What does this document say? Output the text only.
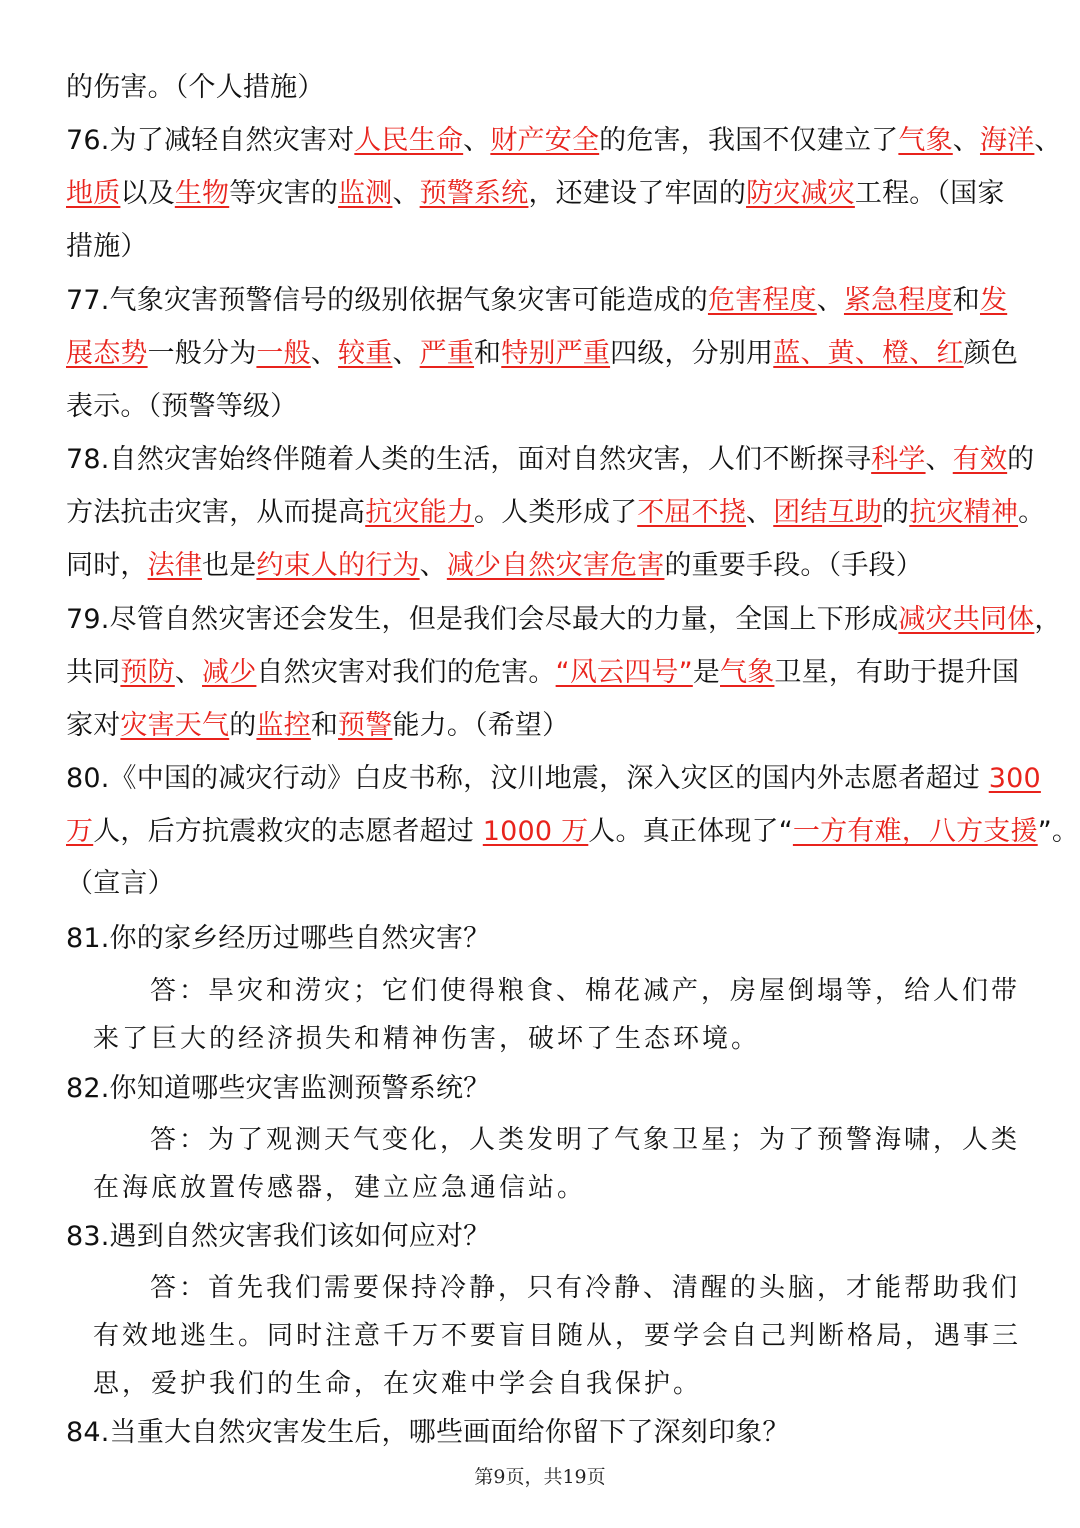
的伤害。（个人措施）
76.为了减轻自然灾害对人民生命、财产安全的危害，我国不仅建立了气象、海洋、
地质以及生物等灾害的监测、预警系统，还建设了牢固的防灾减灾工程。（国家
措施）
77.气象灾害预警信号的级别依据气象灾害可能造成的危害程度、紧急程度和发
展态势一般分为一般、较重、严重和特别严重四级，分别用蓝、黄、橙、红颜色
表示。（预警等级）
78.自然灾害始终伴随着人类的生活，面对自然灾害，人们不断探寻科学、有效的
方法抗击灾害，从而提高抗灾能力。人类形成了不屈不挠、团结互助的抗灾精神。
同时，法律也是约束人的行为、减少自然灾害危害的重要手段。（手段）
79.尽管自然灾害还会发生，但是我们会尽最大的力量，全国上下形成减灾共同体，
共同预防、减少自然灾害对我们的危害。“风云四号”是气象卫星，有助于提升国
家对灾害天气的监控和预警能力。（希望）
80.《中国的减灾行动》白皮书称，汶川地震，深入灾区的国内外志愿者超过 300
万人，后方抗震救灾的志愿者超过 1000 万人。真正体现了“一方有难，八方支援”。
（宣言）
81.你的家乡经历过哪些自然灾害？
答：旱灾和涝灾；它们使得粮食、棉花减产，房屋倒塌等，给人们带
来了巨大的经济损失和精神伤害，破坏了生态环境。
82.你知道哪些灾害监测预警系统？
答：为了观测天气变化，人类发明了气象卫星；为了预警海啸，人类
在海底放置传感器，建立应急通信站。
83.遇到自然灾害我们该如何应对？
答：首先我们需要保持冷静，只有冷静、清醒的头脑，才能帮助我们
有效地逃生。同时注意千万不要盲目随从，要学会自己判断格局，遇事三
思，爱护我们的生命，在灾难中学会自我保护。
84.当重大自然灾害发生后，哪些画面给你留下了深刻印象？
第9页，共19页
